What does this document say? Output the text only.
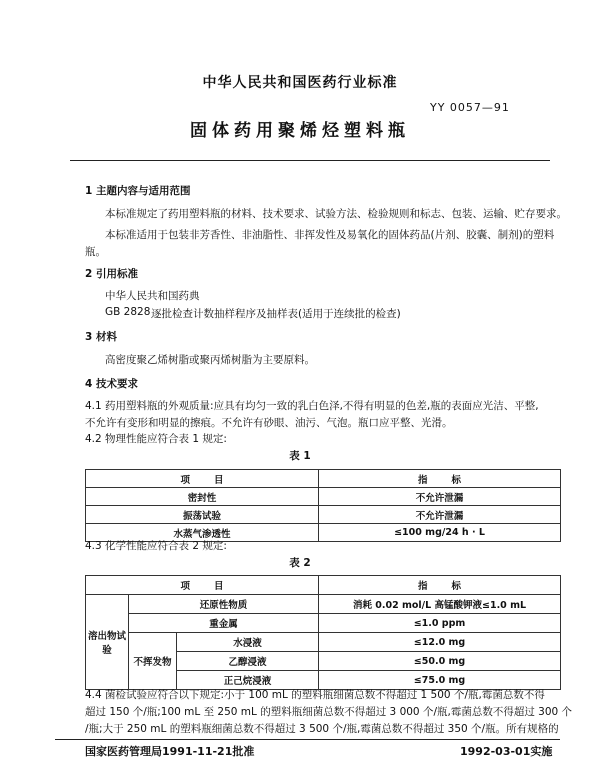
中华人民共和国医药行业标准
YY 0057—91
固体药用聚烯烃塑料瓶
1 主题内容与适用范围
本标准规定了药用塑料瓶的材料、技术要求、试验方法、检验规则和标志、包装、运输、贮存要求。
本标准适用于包装非芳香性、非油脂性、非挥发性及易氧化的固体药品(片剂、胶囊、制剂)的塑料
瓶。
2 引用标准
中华人民共和国药典
GB 2828 逐批检查计数抽样程序及抽样表(适用于连续批的检查)
3 材料
高密度聚乙烯树脂或聚丙烯树脂为主要原料。
4 技术要求
4.1 药用塑料瓶的外观质量:应具有均匀一致的乳白色泽,不得有明显的色差,瓶的表面应光洁、平整,
不允许有变形和明显的擦痕。不允许有砂眼、油污、气泡。瓶口应平整、光滑。
4.2 物理性能应符合表 1 规定:
表 1
项目	指标
密封性	不允许泄漏
振荡试验	不允许泄漏
水蒸气渗透性	≤100 mg/24 h · L
4.3 化学性能应符合表 2 规定:
表 2
项目			指标
溶出物试验	还原性物质		消耗 0.02 mol/L 高锰酸钾液≤1.0 mL
	重金属		≤1.0 ppm
	不挥发物	水浸液	≤12.0 mg
		乙醇浸液	≤50.0 mg
		正己烷浸液	≤75.0 mg
4.4 菌检试验应符合以下规定:小于 100 mL 的塑料瓶细菌总数不得超过 1 500 个/瓶,霉菌总数不得
超过 150 个/瓶;100 mL 至 250 mL 的塑料瓶细菌总数不得超过 3 000 个/瓶,霉菌总数不得超过 300 个
/瓶;大于 250 mL 的塑料瓶细菌总数不得超过 3 500 个/瓶,霉菌总数不得超过 350 个/瓶。所有规格的
国家医药管理局1991-11-21批准	1992-03-01实施
